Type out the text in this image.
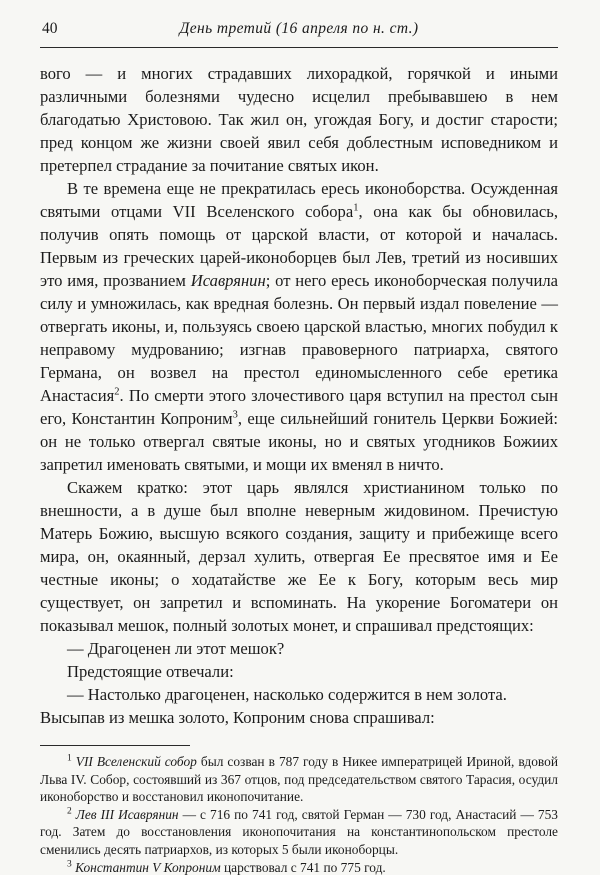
40	День третий (16 апреля по н. ст.)

вого — и многих страдавших лихорадкой, горячкой и иными различными болезнями чудесно исцелил пребывавшею в нем благодатью Христовою. Так жил он, угождая Богу, и достиг старости; пред концом же жизни своей явил себя доблестным исповедником и претерпел страдание за почитание святых икон.

В те времена еще не прекратилась ересь иконоборства. Осужденная святыми отцами VII Вселенского собора$^1$, она как бы обновилась, получив опять помощь от царской власти, от которой и началась. Первым из греческих царей-иконоборцев был Лев, третий из носивших это имя, прозванием Исаврянин; от него ересь иконоборческая получила силу и умножилась, как вредная болезнь. Он первый издал повеление — отвергать иконы, и, пользуясь своею царской властью, многих побудил к неправому мудрованию; изгнав правоверного патриарха, святого Германа, он возвел на престол единомысленного себе еретика Анастасия$^2$. По смерти этого злочестивого царя вступил на престол сын его, Константин Копроним$^3$, еще сильнейший гонитель Церкви Божией: он не только отвергал святые иконы, но и святых угодников Божиих запретил именовать святыми, и мощи их вменял в ничто.

Скажем кратко: этот царь являлся христианином только по внешности, а в душе был вполне неверным жидовином. Пречистую Матерь Божию, высшую всякого создания, защиту и прибежище всего мира, он, окаянный, дерзал хулить, отвергая Ее пресвятое имя и Ее честные иконы; о ходатайстве же Ее к Богу, которым весь мир существует, он запретил и вспоминать. На укорение Богоматери он показывал мешок, полный золотых монет, и спрашивал предстоящих:

— Драгоценен ли этот мешок?

Предстоящие отвечали:

— Настолько драгоценен, насколько содержится в нем золота.

Высыпав из мешка золото, Копроним снова спрашивал:

$^1$ VII Вселенский собор был созван в 787 году в Никее императрицей Ириной, вдовой Льва IV. Собор, состоявший из 367 отцов, под председательством святого Тарасия, осудил иконоборство и восстановил иконопочитание.

$^2$ Лев III Исаврянин — с 716 по 741 год, святой Герман — 730 год, Анастасий — 753 год. Затем до восстановления иконопочитания на константинопольском престоле сменились десять патриархов, из которых 5 были иконоборцы.

$^3$ Константин V Копроним царствовал с 741 по 775 год.
